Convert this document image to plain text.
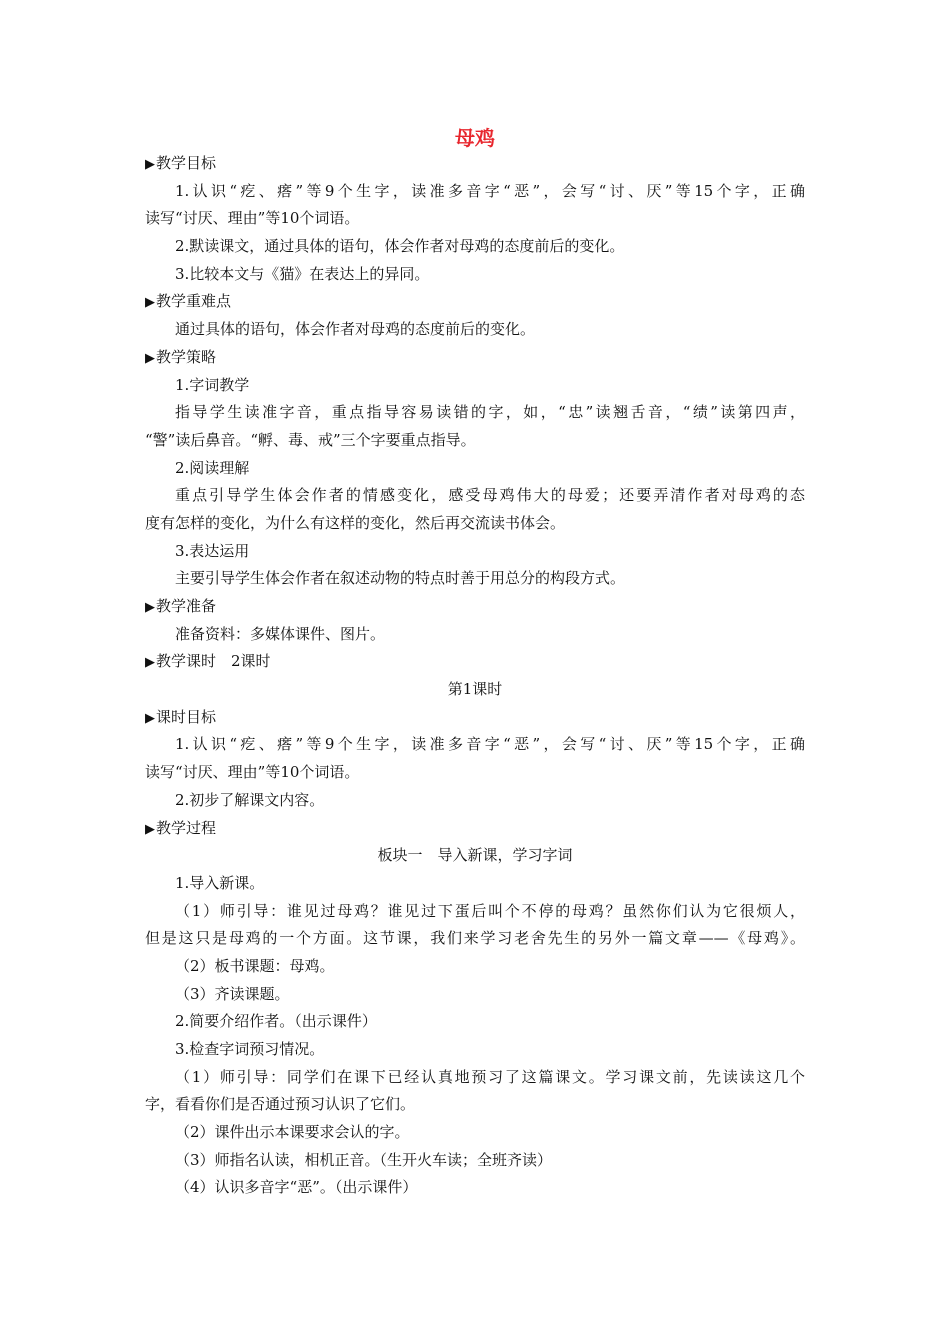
母鸡
▶教学目标
1.认识“疙、瘩”等9个生字，读准多音字“恶”，会写“讨、厌”等15个字，正确
读写“讨厌、理由”等10个词语。
2.默读课文，通过具体的语句，体会作者对母鸡的态度前后的变化。
3.比较本文与《猫》在表达上的异同。
▶教学重难点
通过具体的语句，体会作者对母鸡的态度前后的变化。
▶教学策略
1.字词教学
指导学生读准字音，重点指导容易读错的字，如，“忠”读翘舌音，“绩”读第四声，
“警”读后鼻音。“孵、毒、戒”三个字要重点指导。
2.阅读理解
重点引导学生体会作者的情感变化，感受母鸡伟大的母爱；还要弄清作者对母鸡的态
度有怎样的变化，为什么有这样的变化，然后再交流读书体会。
3.表达运用
主要引导学生体会作者在叙述动物的特点时善于用总分的构段方式。
▶教学准备
准备资料：多媒体课件、图片。
▶教学课时　2课时
第1课时
▶课时目标
1.认识“疙、瘩”等9个生字，读准多音字“恶”，会写“讨、厌”等15个字，正确
读写“讨厌、理由”等10个词语。
2.初步了解课文内容。
▶教学过程
板块一　导入新课，学习字词
1.导入新课。
（1）师引导：谁见过母鸡？谁见过下蛋后叫个不停的母鸡？虽然你们认为它很烦人，
但是这只是母鸡的一个方面。这节课，我们来学习老舍先生的另外一篇文章——《母鸡》。
（2）板书课题：母鸡。
（3）齐读课题。
2.简要介绍作者。（出示课件）
3.检查字词预习情况。
（1）师引导：同学们在课下已经认真地预习了这篇课文。学习课文前，先读读这几个
字，看看你们是否通过预习认识了它们。
（2）课件出示本课要求会认的字。
（3）师指名认读，相机正音。（生开火车读；全班齐读）
（4）认识多音字“恶”。（出示课件）
